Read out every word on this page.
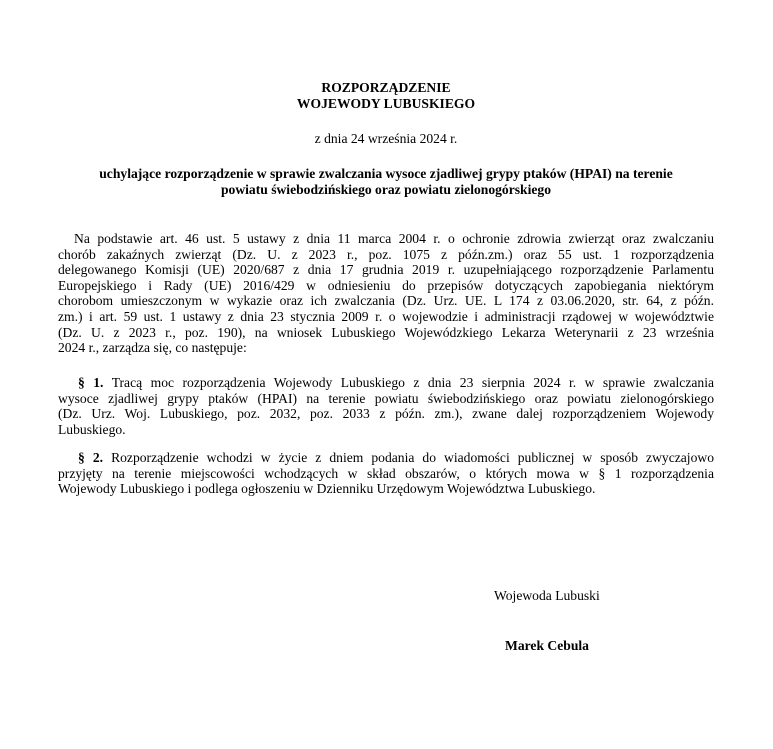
ROZPORZĄDZENIE
WOJEWODY LUBUSKIEGO
z dnia 24 września 2024 r.
uchylające rozporządzenie w sprawie zwalczania wysoce zjadliwej grypy ptaków (HPAI) na terenie
powiatu świebodzińskiego oraz powiatu zielonogórskiego
Na podstawie art. 46 ust. 5 ustawy z dnia 11 marca 2004 r. o ochronie zdrowia zwierząt oraz zwalczaniu
chorób zakaźnych zwierząt (Dz. U. z 2023 r., poz. 1075 z późn.zm.) oraz 55 ust. 1 rozporządzenia
delegowanego Komisji (UE) 2020/687 z dnia 17 grudnia 2019 r. uzupełniającego rozporządzenie Parlamentu
Europejskiego i Rady (UE) 2016/429 w odniesieniu do przepisów dotyczących zapobiegania niektórym
chorobom umieszczonym w wykazie oraz ich zwalczania (Dz. Urz. UE. L 174 z 03.06.2020, str. 64, z późn.
zm.) i art. 59 ust. 1 ustawy z dnia 23 stycznia 2009 r. o wojewodzie i administracji rządowej w województwie
(Dz. U. z 2023 r., poz. 190), na wniosek Lubuskiego Wojewódzkiego Lekarza Weterynarii z 23 września
2024 r., zarządza się, co następuje:
§ 1. Tracą moc rozporządzenia Wojewody Lubuskiego z dnia 23 sierpnia 2024 r. w sprawie zwalczania
wysoce zjadliwej grypy ptaków (HPAI) na terenie powiatu świebodzińskiego oraz powiatu zielonogórskiego
(Dz. Urz. Woj. Lubuskiego, poz. 2032, poz. 2033 z późn. zm.), zwane dalej rozporządzeniem Wojewody
Lubuskiego.
§ 2. Rozporządzenie wchodzi w życie z dniem podania do wiadomości publicznej w sposób zwyczajowo
przyjęty na terenie miejscowości wchodzących w skład obszarów, o których mowa w § 1 rozporządzenia
Wojewody Lubuskiego i podlega ogłoszeniu w Dzienniku Urzędowym Województwa Lubuskiego.
Wojewoda Lubuski
Marek Cebula
